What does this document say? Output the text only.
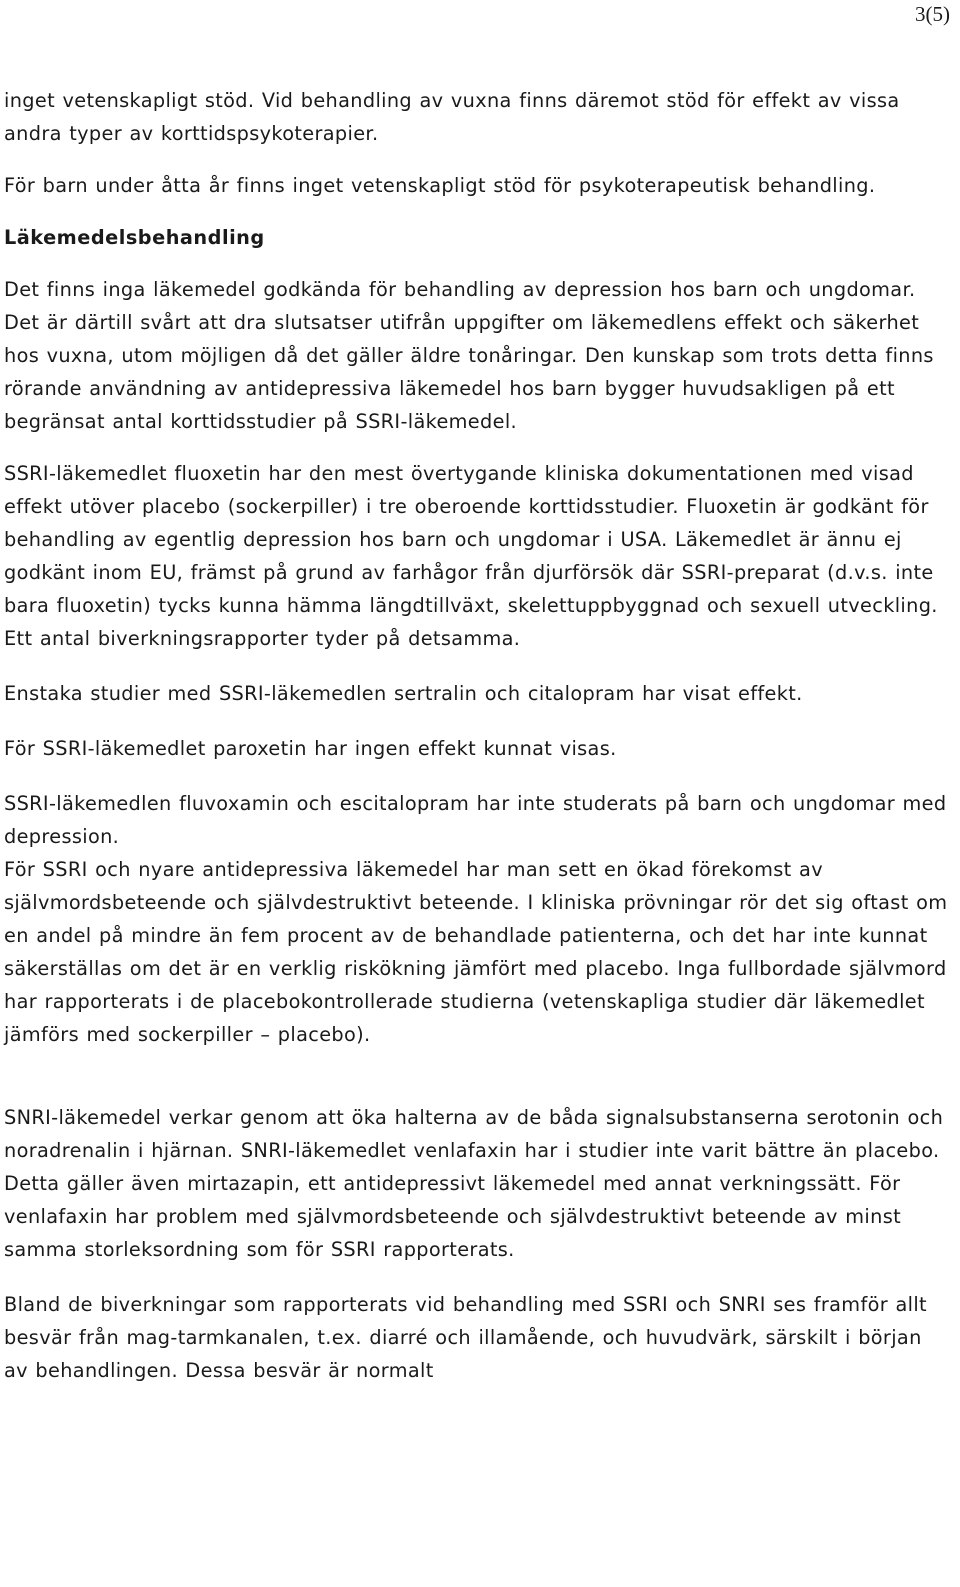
3(5)

inget vetenskapligt stöd. Vid behandling av vuxna finns däremot stöd för effekt av vissa andra typer av korttidspsykoterapier.

För barn under åtta år finns inget vetenskapligt stöd för psykoterapeutisk behandling.

Läkemedelsbehandling

Det finns inga läkemedel godkända för behandling av depression hos barn och ungdomar. Det är därtill svårt att dra slutsatser utifrån uppgifter om läkemedlens effekt och säkerhet hos vuxna, utom möjligen då det gäller äldre tonåringar. Den kunskap som trots detta finns rörande användning av antidepressiva läkemedel hos barn bygger huvudsakligen på ett begränsat antal korttidsstudier på SSRI-läkemedel.

SSRI-läkemedlet fluoxetin har den mest övertygande kliniska dokumentationen med visad effekt utöver placebo (sockerpiller) i tre oberoende korttidsstudier. Fluoxetin är godkänt för behandling av egentlig depression hos barn och ungdomar i USA. Läkemedlet är ännu ej godkänt inom EU, främst på grund av farhågor från djurförsök där SSRI-preparat (d.v.s. inte bara fluoxetin) tycks kunna hämma längdtillväxt, skelettuppbyggnad och sexuell utveckling. Ett antal biverkningsrapporter tyder på detsamma.

Enstaka studier med SSRI-läkemedlen sertralin och citalopram har visat effekt.

För SSRI-läkemedlet paroxetin har ingen effekt kunnat visas.

SSRI-läkemedlen fluvoxamin och escitalopram har inte studerats på barn och ungdomar med depression.

För SSRI och nyare antidepressiva läkemedel har man sett en ökad förekomst av självmordsbeteende och självdestruktivt beteende. I kliniska prövningar rör det sig oftast om en andel på mindre än fem procent av de behandlade patienterna, och det har inte kunnat säkerställas om det är en verklig riskökning jämfört med placebo. Inga fullbordade självmord har rapporterats i de placebokontrollerade studierna (vetenskapliga studier där läkemedlet jämförs med sockerpiller – placebo).

SNRI-läkemedel verkar genom att öka halterna av de båda signalsubstanserna serotonin och noradrenalin i hjärnan. SNRI-läkemedlet venlafaxin har i studier inte varit bättre än placebo. Detta gäller även mirtazapin, ett antidepressivt läkemedel med annat verkningssätt. För venlafaxin har problem med självmordsbeteende och självdestruktivt beteende av minst samma storleksordning som för SSRI rapporterats.

Bland de biverkningar som rapporterats vid behandling med SSRI och SNRI ses framför allt besvär från mag-tarmkanalen, t.ex. diarré och illamående, och huvudvärk, särskilt i början av behandlingen. Dessa besvär är normalt
